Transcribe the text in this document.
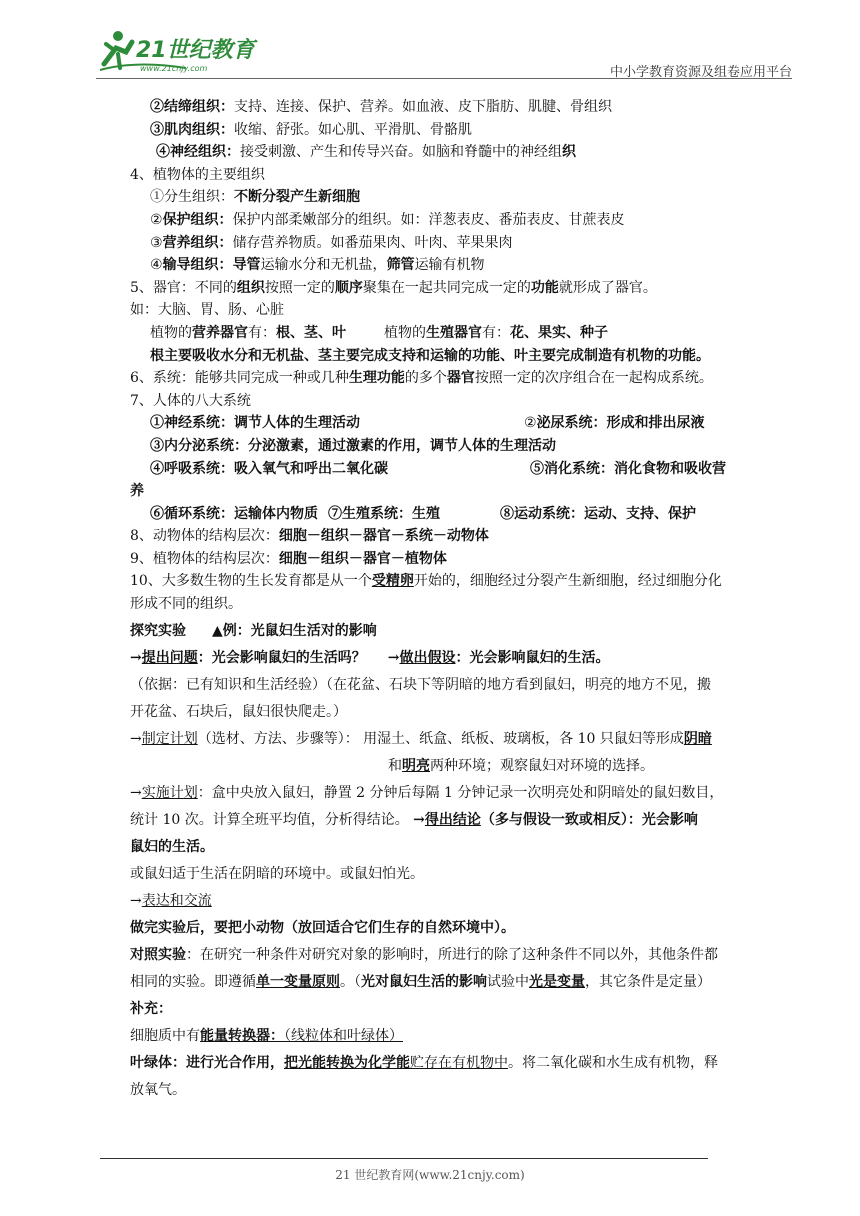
21世纪教育
www.21cnjy.com	中小学教育资源及组卷应用平台

②结缔组织：支持、连接、保护、营养。如血液、皮下脂肪、肌腱、骨组织

③肌肉组织：收缩、舒张。如心肌、平滑肌、骨骼肌

④神经组织：接受刺激、产生和传导兴奋。如脑和脊髓中的神经组织

4、植物体的主要组织

①分生组织：不断分裂产生新细胞

②保护组织：保护内部柔嫩部分的组织。如：洋葱表皮、番茄表皮、甘蔗表皮

③营养组织：储存营养物质。如番茄果肉、叶肉、苹果果肉

④输导组织：导管运输水分和无机盐，筛管运输有机物

5、器官：不同的组织按照一定的顺序聚集在一起共同完成一定的功能就形成了器官。

如：大脑、胃、肠、心脏

植物的营养器官有：根、茎、叶	植物的生殖器官有：花、果实、种子

根主要吸收水分和无机盐、茎主要完成支持和运输的功能、叶主要完成制造有机物的功能。

6、系统：能够共同完成一种或几种生理功能的多个器官按照一定的次序组合在一起构成系统。

7、人体的八大系统

①神经系统：调节人体的生理活动	②泌尿系统：形成和排出尿液

③内分泌系统：分泌激素，通过激素的作用，调节人体的生理活动

④呼吸系统：吸入氧气和呼出二氧化碳	⑤消化系统：消化食物和吸收营

养

⑥循环系统：运输体内物质 ⑦生殖系统：生殖	⑧运动系统：运动、支持、保护

8、动物体的结构层次：细胞－组织－器官－系统－动物体

9、植物体的结构层次：细胞－组织－器官－植物体

10、大多数生物的生长发育都是从一个受精卵开始的，细胞经过分裂产生新细胞，经过细胞分化

形成不同的组织。

探究实验 ▲例：光鼠妇生活对的影响

→提出问题：光会影响鼠妇的生活吗？ →做出假设：光会影响鼠妇的生活。

（依据：已有知识和生活经验）（在花盆、石块下等阴暗的地方看到鼠妇，明亮的地方不见，搬

开花盆、石块后，鼠妇很快爬走。）

→制定计划（选材、方法、步骤等）： 用湿土、纸盒、纸板、玻璃板，各 10 只鼠妇等形成阴暗

和明亮两种环境；观察鼠妇对环境的选择。

→实施计划：盒中央放入鼠妇，静置 2 分钟后每隔 1 分钟记录一次明亮处和阴暗处的鼠妇数目，

统计 10 次。计算全班平均值，分析得结论。 →得出结论（多与假设一致或相反）：光会影响

鼠妇的生活。

或鼠妇适于生活在阴暗的环境中。或鼠妇怕光。

→表达和交流

做完实验后，要把小动物（放回适合它们生存的自然环境中）。

对照实验：在研究一种条件对研究对象的影响时，所进行的除了这种条件不同以外，其他条件都

相同的实验。即遵循单一变量原则。（光对鼠妇生活的影响试验中光是变量，其它条件是定量）

补充：

细胞质中有能量转换器：（线粒体和叶绿体）

叶绿体：进行光合作用，把光能转换为化学能贮存在有机物中。将二氧化碳和水生成有机物，释

放氧气。

21 世纪教育网(www.21cnjy.com)
